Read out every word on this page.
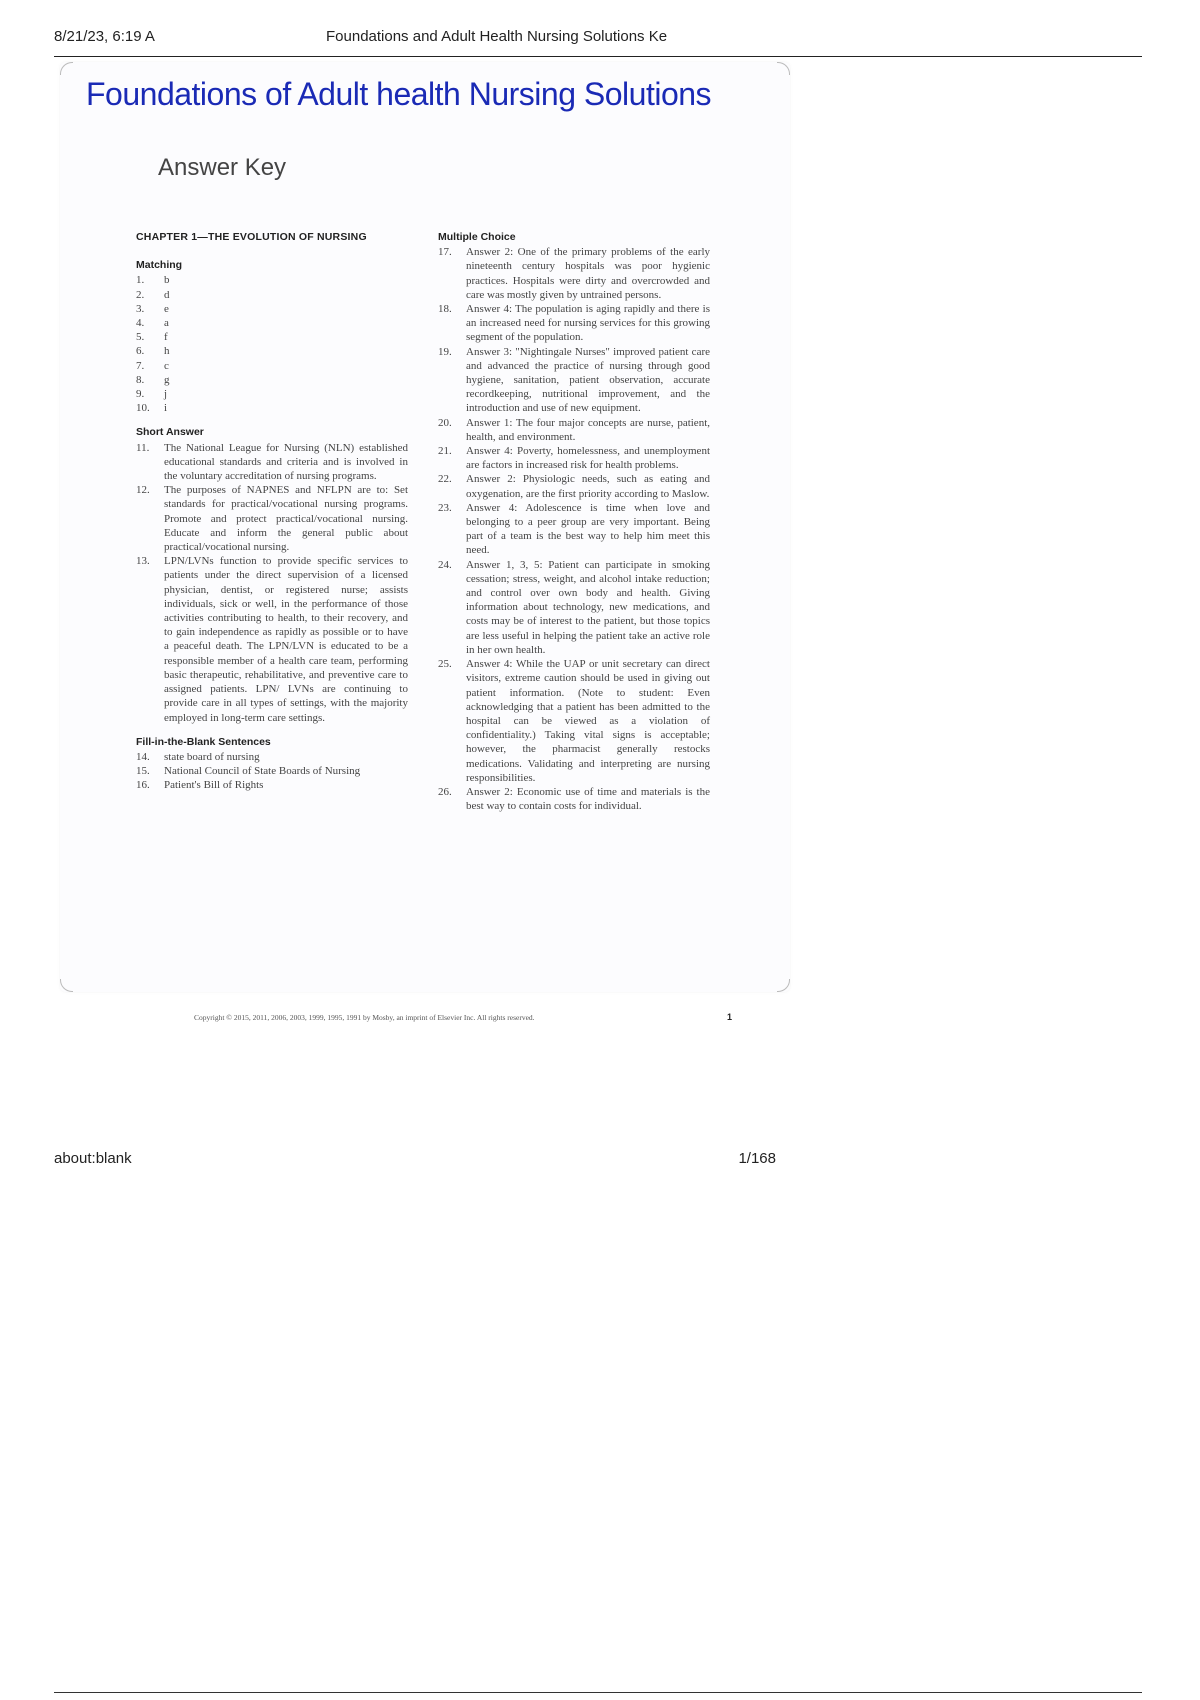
8/21/23, 6:19 A	Foundations and Adult Health Nursing Solutions Ke
Foundations of Adult health Nursing Solutions
Answer Key
CHAPTER 1—THE EVOLUTION OF NURSING
Matching
1.	b
2.	d
3.	e
4.	a
5.	f
6.	h
7.	c
8.	g
9.	j
10.	i
Short Answer
11.	The National League for Nursing (NLN) established educational standards and criteria and is involved in the voluntary accreditation of nursing programs.
12.	The purposes of NAPNES and NFLPN are to: Set standards for practical/vocational nursing programs. Promote and protect practical/vocational nursing. Educate and inform the general public about practical/vocational nursing.
13.	LPN/LVNs function to provide specific services to patients under the direct supervision of a licensed physician, dentist, or registered nurse; assists individuals, sick or well, in the performance of those activities contributing to health, to their recovery, and to gain independence as rapidly as possible or to have a peaceful death. The LPN/LVN is educated to be a responsible member of a health care team, performing basic therapeutic, rehabilitative, and preventive care to assigned patients. LPN/ LVNs are continuing to provide care in all types of settings, with the majority employed in long-term care settings.
Fill-in-the-Blank Sentences
14.	state board of nursing
15.	National Council of State Boards of Nursing
16.	Patient's Bill of Rights
Multiple Choice
17.	Answer 2: One of the primary problems of the early nineteenth century hospitals was poor hygienic practices. Hospitals were dirty and overcrowded and care was mostly given by untrained persons.
18.	Answer 4: The population is aging rapidly and there is an increased need for nursing services for this growing segment of the population.
19.	Answer 3: "Nightingale Nurses" improved patient care and advanced the practice of nursing through good hygiene, sanitation, patient observation, accurate recordkeeping, nutritional improvement, and the introduction and use of new equipment.
20.	Answer 1: The four major concepts are nurse, patient, health, and environment.
21.	Answer 4: Poverty, homelessness, and unemployment are factors in increased risk for health problems.
22.	Answer 2: Physiologic needs, such as eating and oxygenation, are the first priority according to Maslow.
23.	Answer 4: Adolescence is time when love and belonging to a peer group are very important. Being part of a team is the best way to help him meet this need.
24.	Answer 1, 3, 5: Patient can participate in smoking cessation; stress, weight, and alcohol intake reduction; and control over own body and health. Giving information about technology, new medications, and costs may be of interest to the patient, but those topics are less useful in helping the patient take an active role in her own health.
25.	Answer 4: While the UAP or unit secretary can direct visitors, extreme caution should be used in giving out patient information. (Note to student: Even acknowledging that a patient has been admitted to the hospital can be viewed as a violation of confidentiality.) Taking vital signs is acceptable; however, the pharmacist generally restocks medications. Validating and interpreting are nursing responsibilities.
26.	Answer 2: Economic use of time and materials is the best way to contain costs for individual.
Copyright © 2015, 2011, 2006, 2003, 1999, 1995, 1991 by Mosby, an imprint of Elsevier Inc. All rights reserved.	1
about:blank	1/168
